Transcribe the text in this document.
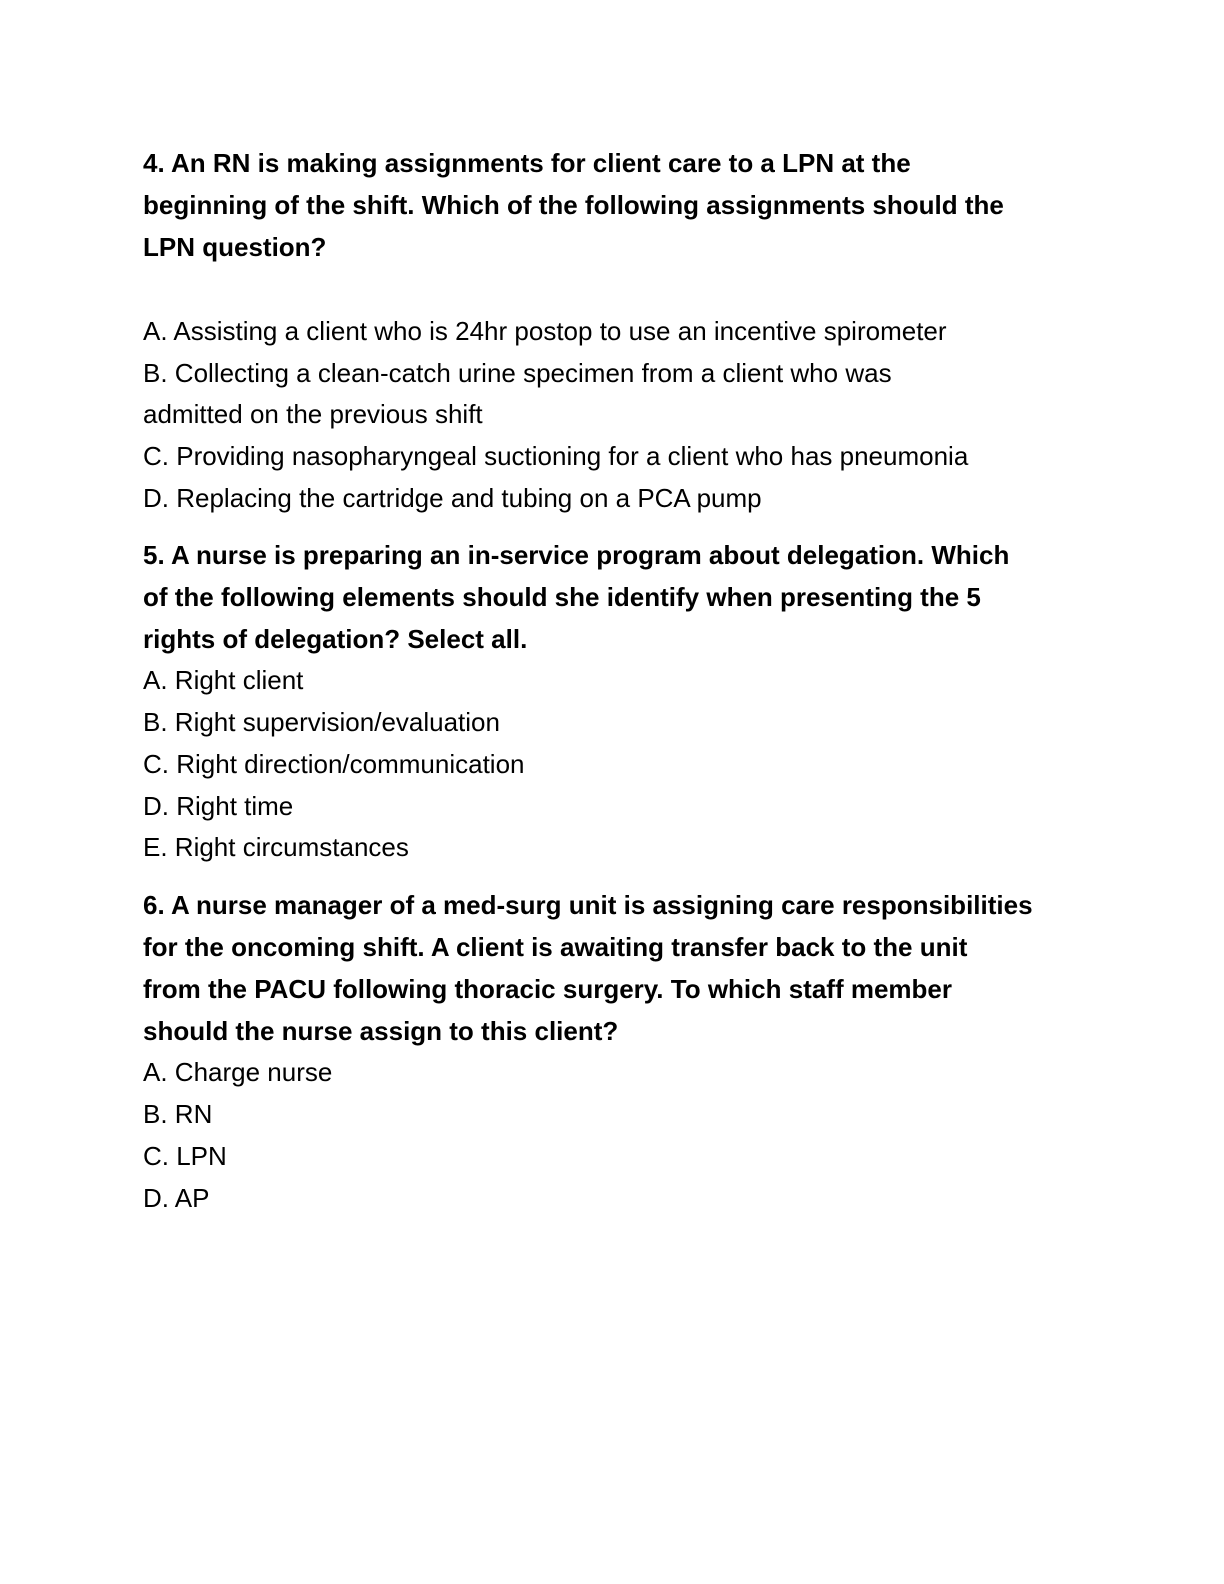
4. An RN is making assignments for client care to a LPN at the

beginning of the shift. Which of the following assignments should the

LPN question?

A. Assisting a client who is 24hr postop to use an incentive spirometer

B. Collecting a clean-catch urine specimen from a client who was

admitted on the previous shift

C. Providing nasopharyngeal suctioning for a client who has pneumonia

D. Replacing the cartridge and tubing on a PCA pump

5. A nurse is preparing an in-service program about delegation. Which

of the following elements should she identify when presenting the 5

rights of delegation? Select all.

A. Right client

B. Right supervision/evaluation

C. Right direction/communication

D. Right time

E. Right circumstances

6. A nurse manager of a med-surg unit is assigning care responsibilities

for the oncoming shift. A client is awaiting transfer back to the unit

from the PACU following thoracic surgery. To which staff member

should the nurse assign to this client?

A. Charge nurse

B. RN

C. LPN

D. AP
